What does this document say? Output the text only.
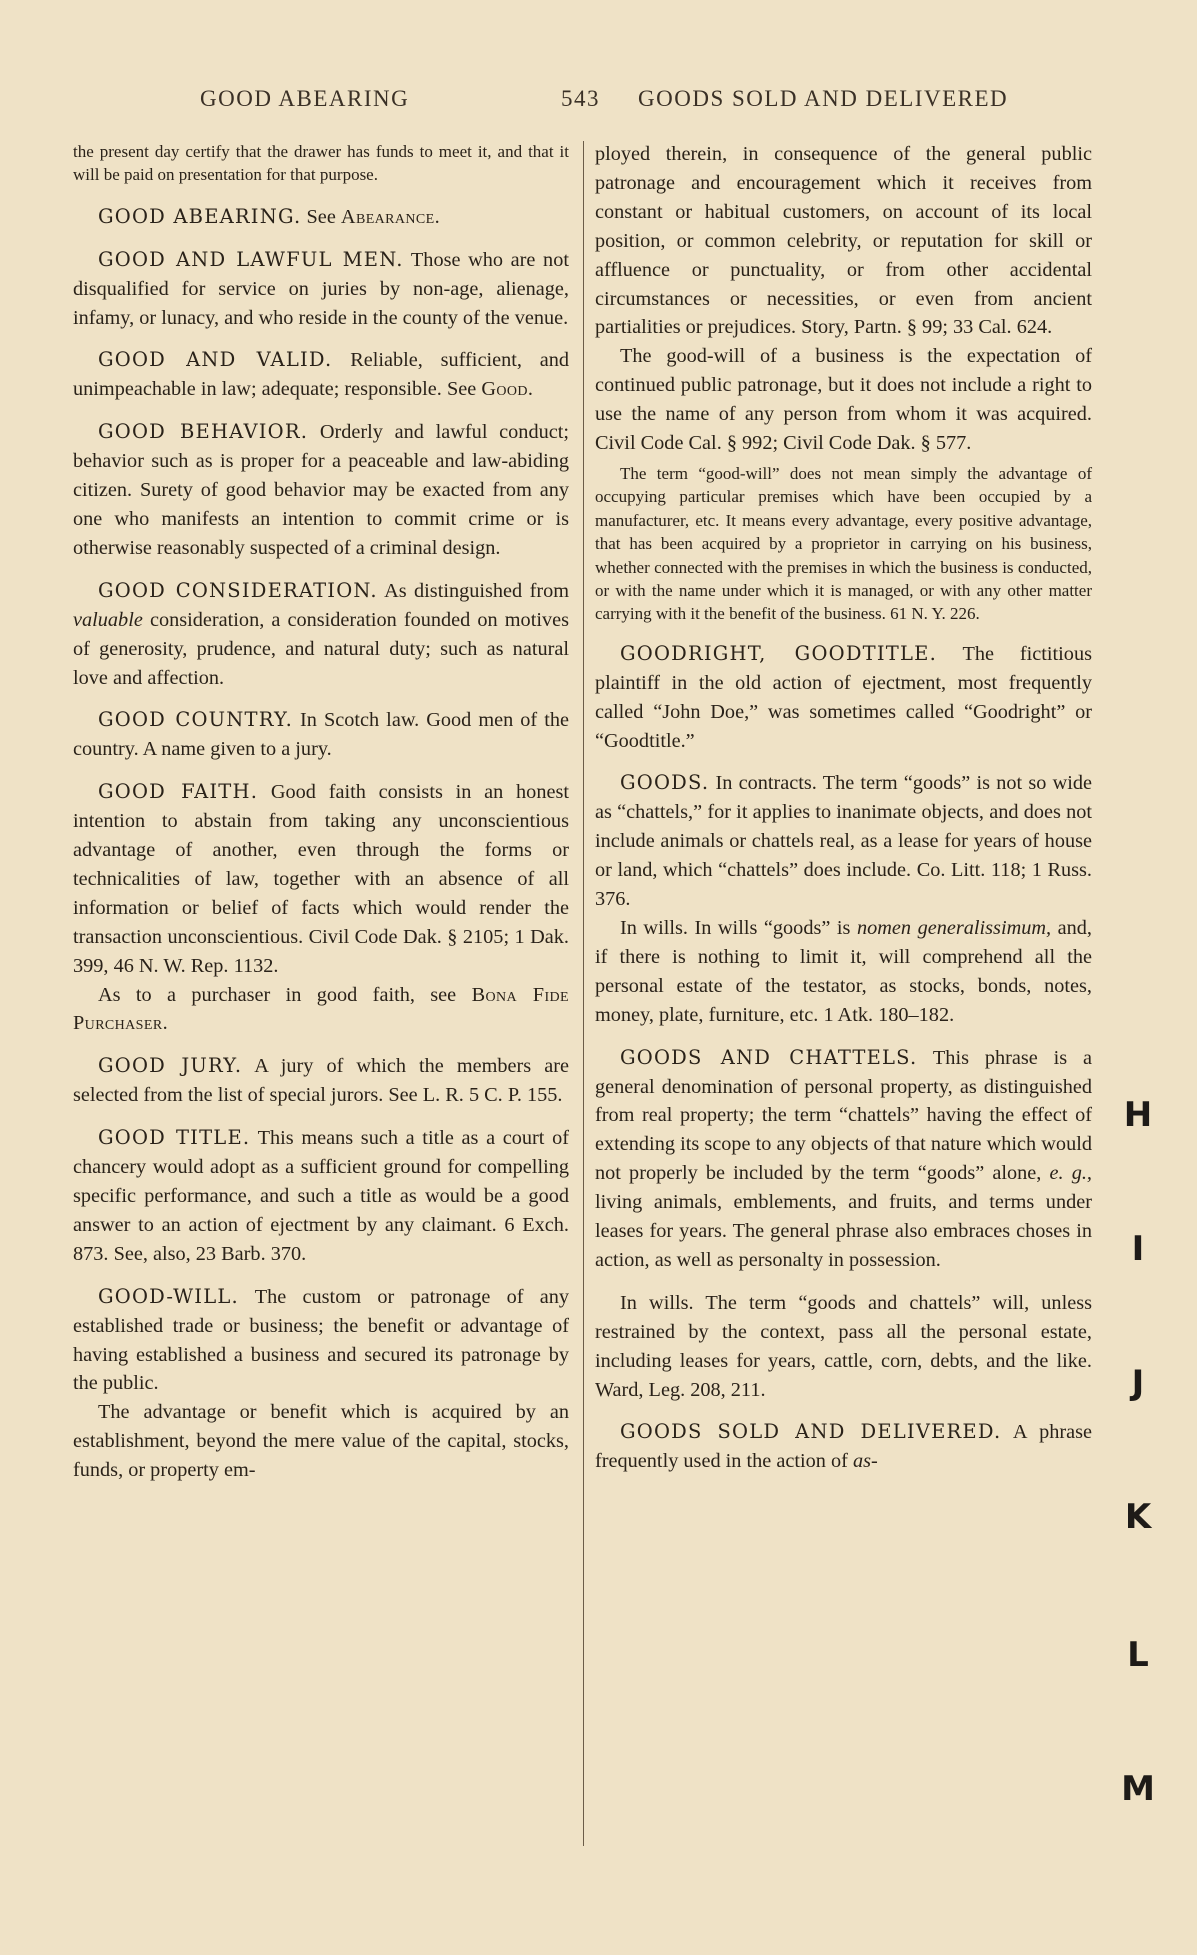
GOOD ABEARING	543 GOODS SOLD AND DELIVERED

the present day certify that the drawer has funds to meet it, and that it will be paid on presentation for that purpose.

GOOD ABEARING. See Abearance.

GOOD AND LAWFUL MEN. Those who are not disqualified for service on juries by non-age, alienage, infamy, or lunacy, and who reside in the county of the venue.

GOOD AND VALID. Reliable, sufficient, and unimpeachable in law; adequate; responsible. See Good.

GOOD BEHAVIOR. Orderly and lawful conduct; behavior such as is proper for a peaceable and law-abiding citizen. Surety of good behavior may be exacted from any one who manifests an intention to commit crime or is otherwise reasonably suspected of a criminal design.

GOOD CONSIDERATION. As distinguished from valuable consideration, a consideration founded on motives of generosity, prudence, and natural duty; such as natural love and affection.

GOOD COUNTRY. In Scotch law. Good men of the country. A name given to a jury.

GOOD FAITH. Good faith consists in an honest intention to abstain from taking any unconscientious advantage of another, even through the forms or technicalities of law, together with an absence of all information or belief of facts which would render the transaction unconscientious. Civil Code Dak. § 2105; 1 Dak. 399, 46 N. W. Rep. 1132.

As to a purchaser in good faith, see Bona Fide Purchaser.

GOOD JURY. A jury of which the members are selected from the list of special jurors. See L. R. 5 C. P. 155.

GOOD TITLE. This means such a title as a court of chancery would adopt as a sufficient ground for compelling specific performance, and such a title as would be a good answer to an action of ejectment by any claimant. 6 Exch. 873. See, also, 23 Barb. 370.

GOOD-WILL. The custom or patronage of any established trade or business; the benefit or advantage of having established a business and secured its patronage by the public.

The advantage or benefit which is acquired by an establishment, beyond the mere value of the capital, stocks, funds, or property em-

ployed therein, in consequence of the general public patronage and encouragement which it receives from constant or habitual customers, on account of its local position, or common celebrity, or reputation for skill or affluence or punctuality, or from other accidental circumstances or necessities, or even from ancient partialities or prejudices. Story, Partn. § 99; 33 Cal. 624.

The good-will of a business is the expectation of continued public patronage, but it does not include a right to use the name of any person from whom it was acquired. Civil Code Cal. § 992; Civil Code Dak. § 577.

The term “good-will” does not mean simply the advantage of occupying particular premises which have been occupied by a manufacturer, etc. It means every advantage, every positive advantage, that has been acquired by a proprietor in carrying on his business, whether connected with the premises in which the business is conducted, or with the name under which it is managed, or with any other matter carrying with it the benefit of the business. 61 N. Y. 226.

GOODRIGHT, GOODTITLE. The fictitious plaintiff in the old action of ejectment, most frequently called “John Doe,” was sometimes called “Goodright” or “Goodtitle.”

GOODS. In contracts. The term “goods” is not so wide as “chattels,” for it applies to inanimate objects, and does not include animals or chattels real, as a lease for years of house or land, which “chattels” does include. Co. Litt. 118; 1 Russ. 376.

In wills. In wills “goods” is nomen generalissimum, and, if there is nothing to limit it, will comprehend all the personal estate of the testator, as stocks, bonds, notes, money, plate, furniture, etc. 1 Atk. 180–182.

GOODS AND CHATTELS. This phrase is a general denomination of personal property, as distinguished from real property; the term “chattels” having the effect of extending its scope to any objects of that nature which would not properly be included by the term “goods” alone, e. g., living animals, emblements, and fruits, and terms under leases for years. The general phrase also embraces choses in action, as well as personalty in possession.

In wills. The term “goods and chattels” will, unless restrained by the context, pass all the personal estate, including leases for years, cattle, corn, debts, and the like. Ward, Leg. 208, 211.

GOODS SOLD AND DELIVERED. A phrase frequently used in the action of as-

H
I
J
K
L
M
